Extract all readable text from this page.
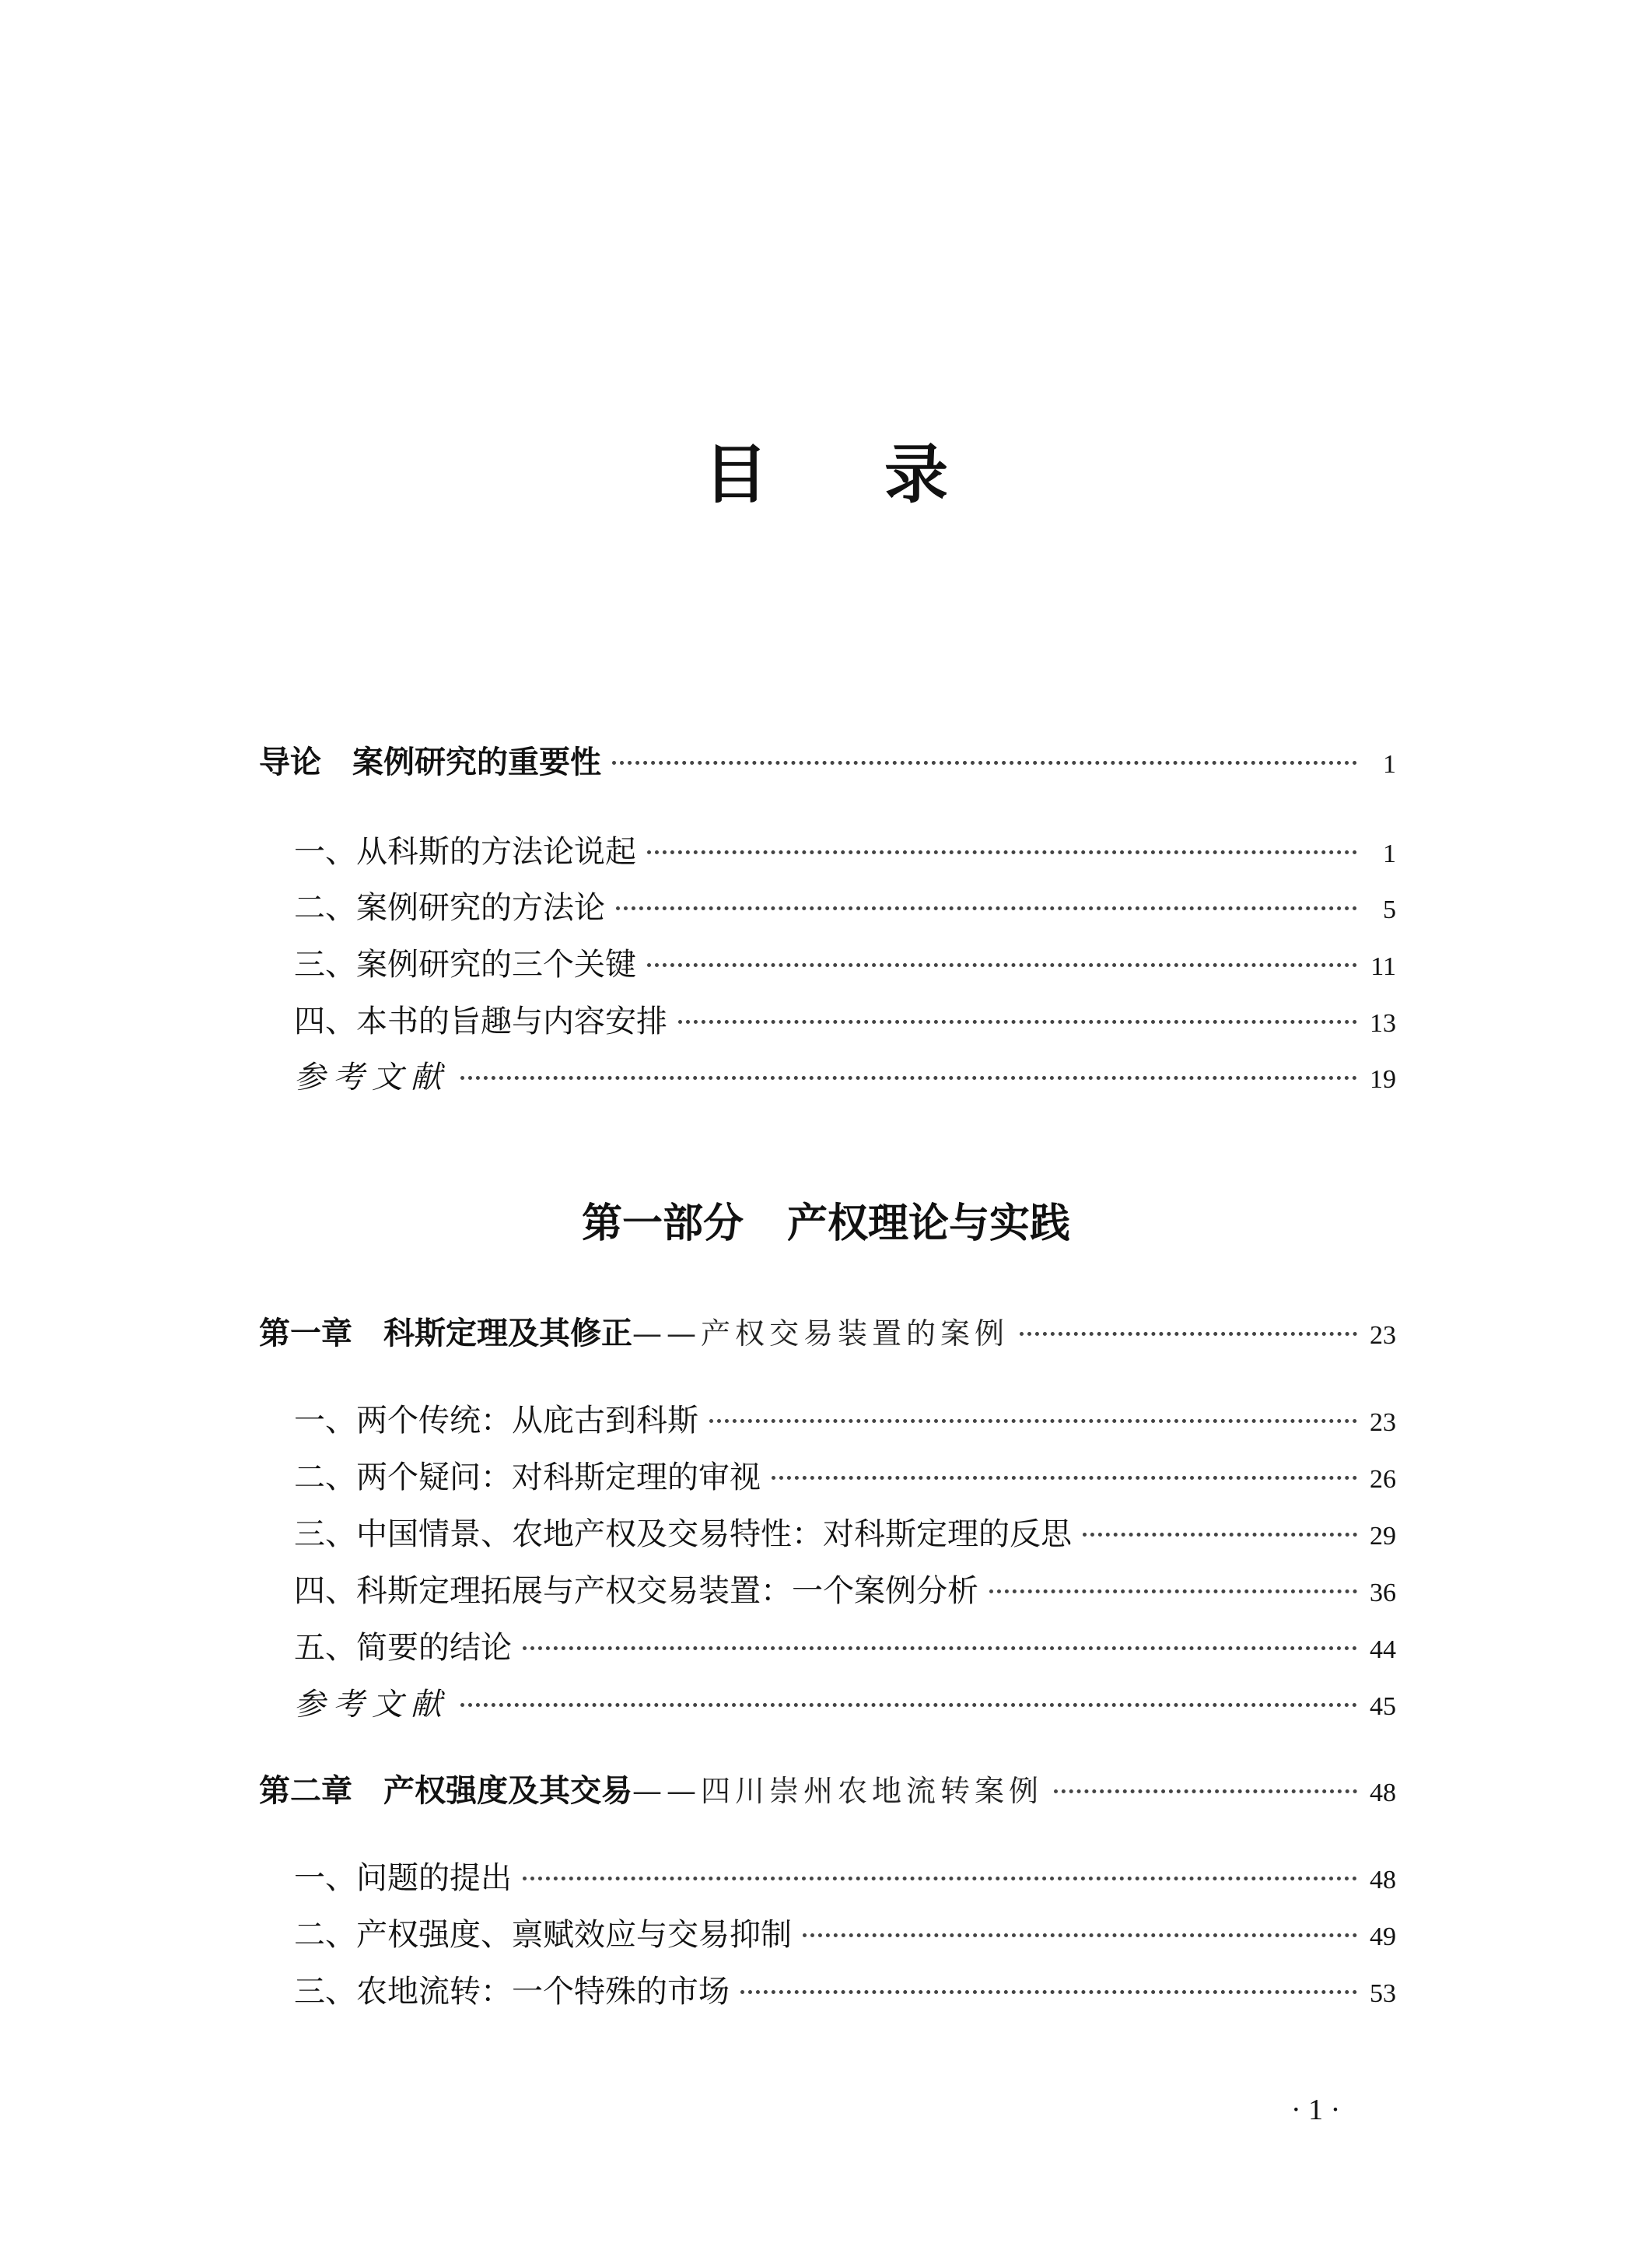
目 录
导论 案例研究的重要性	1
一、从科斯的方法论说起	1
二、案例研究的方法论	5
三、案例研究的三个关键	11
四、本书的旨趣与内容安排	13
参考文献	19
第一部分 产权理论与实践
第一章 科斯定理及其修正——产权交易装置的案例	23
一、两个传统：从庇古到科斯	23
二、两个疑问：对科斯定理的审视	26
三、中国情景、农地产权及交易特性：对科斯定理的反思	29
四、科斯定理拓展与产权交易装置：一个案例分析	36
五、简要的结论	44
参考文献	45
第二章 产权强度及其交易——四川崇州农地流转案例	48
一、问题的提出	48
二、产权强度、禀赋效应与交易抑制	49
三、农地流转：一个特殊的市场	53
· 1 ·
